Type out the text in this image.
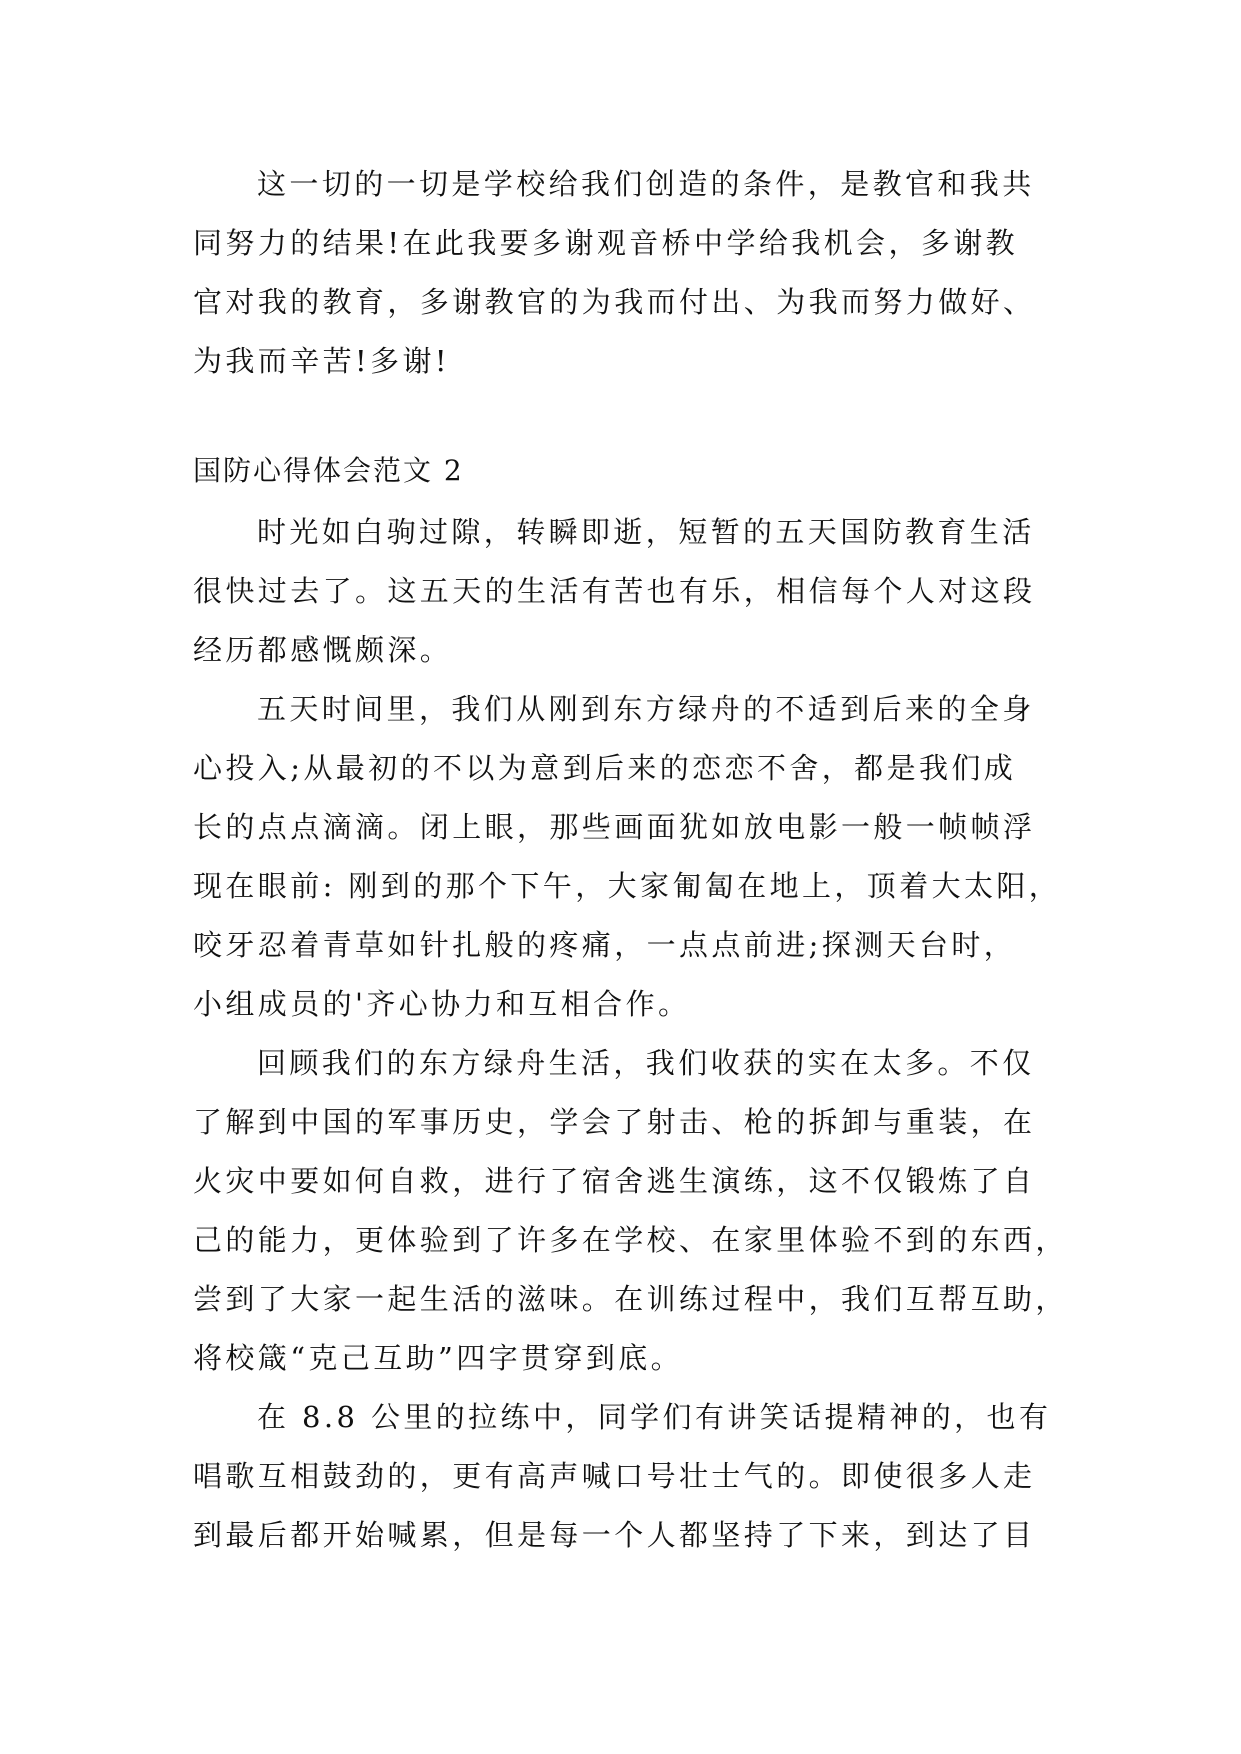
这一切的一切是学校给我们创造的条件，是教官和我共
同努力的结果!在此我要多谢观音桥中学给我机会，多谢教
官对我的教育，多谢教官的为我而付出、为我而努力做好、
为我而辛苦!多谢!
国防心得体会范文 2
时光如白驹过隙，转瞬即逝，短暂的五天国防教育生活
很快过去了。这五天的生活有苦也有乐，相信每个人对这段
经历都感慨颇深。
五天时间里，我们从刚到东方绿舟的不适到后来的全身
心投入;从最初的不以为意到后来的恋恋不舍，都是我们成
长的点点滴滴。闭上眼，那些画面犹如放电影一般一帧帧浮
现在眼前: 刚到的那个下午，大家匍匐在地上，顶着大太阳，
咬牙忍着青草如针扎般的疼痛，一点点前进;探测天台时，
小组成员的'齐心协力和互相合作。
回顾我们的东方绿舟生活，我们收获的实在太多。不仅
了解到中国的军事历史，学会了射击、枪的拆卸与重装，在
火灾中要如何自救，进行了宿舍逃生演练，这不仅锻炼了自
己的能力，更体验到了许多在学校、在家里体验不到的东西，
尝到了大家一起生活的滋味。在训练过程中，我们互帮互助，
将校箴“克己互助”四字贯穿到底。
在 8.8 公里的拉练中，同学们有讲笑话提精神的，也有
唱歌互相鼓劲的，更有高声喊口号壮士气的。即使很多人走
到最后都开始喊累，但是每一个人都坚持了下来，到达了目
